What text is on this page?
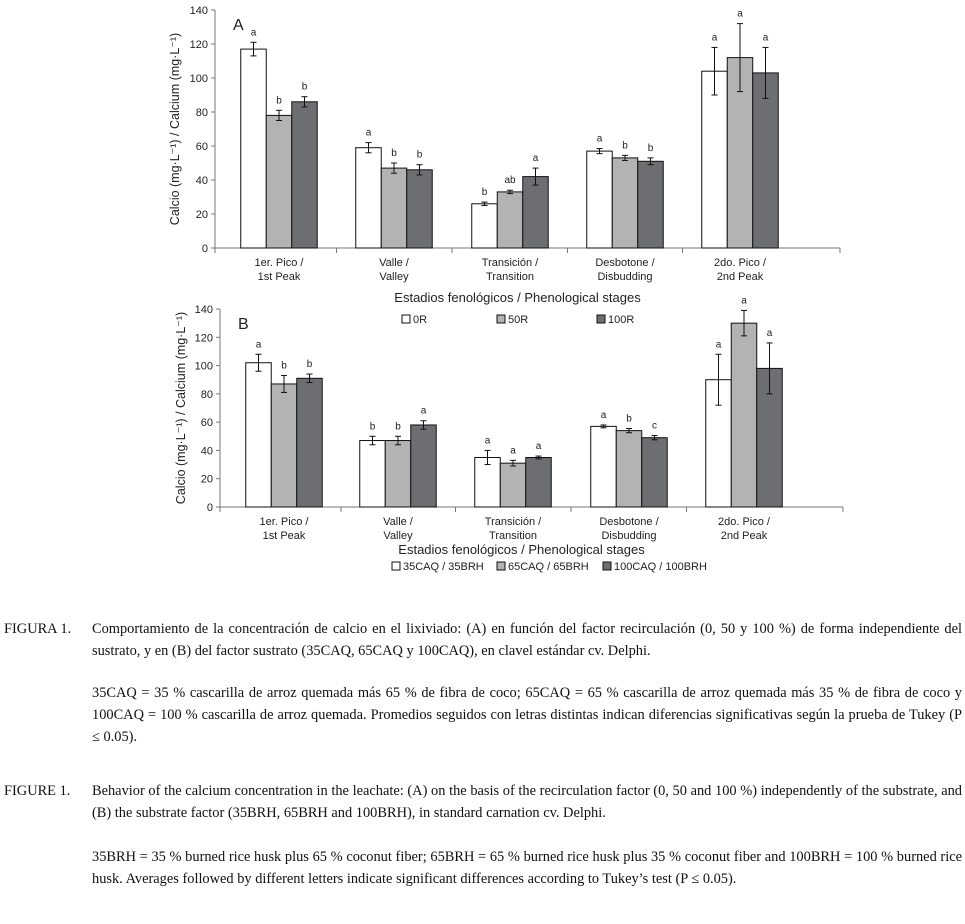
0
20
40
60
80
100
120
140
a
a
b
a
a
b
b
ab
b
a
b
b	a
b
a
1er. Pico /
1st Peak
Valle /
Valley
Transición /
Transition
Desbotone /
Disbudding
2do. Pico /
2nd Peak
Estadios fenológicos / Phenological stages
Calcio (mg·L⁻¹) / Calcium (mg·L⁻¹)
A
0R	50R	100R
0
20
40
60
80
100
120
140
a
b
a
a
a
b
b
a
b
a
b
a
a
c
a
1er. Pico /
1st Peak
Valle /
Valley
Transición /
Transition
Desbotone /
Disbudding
2do. Pico /
2nd Peak
Estadios fenológicos / Phenological stages
Calcio (mg·L⁻¹) / Calcium (mg·L⁻¹)	B
35CAQ / 35BRH 65CAQ / 65BRH 100CAQ / 100BRH
FIGURA 1.	Comportamiento de la concentración de calcio en el lixiviado: (A) en función del factor recirculación (0, 50 y 100 %) de forma independiente del sustrato, y en (B) del factor sustrato (35CAQ, 65CAQ y 100CAQ), en clavel estándar cv. Delphi.
35CAQ = 35 % cascarilla de arroz quemada más 65 % de fibra de coco; 65CAQ = 65 % cascarilla de arroz quemada más 35 % de fibra de coco y 100CAQ = 100 % cascarilla de arroz quemada. Promedios seguidos con letras distintas indican diferencias significativas según la prueba de Tukey (P ≤ 0.05).
FIGURE 1.	Behavior of the calcium concentration in the leachate: (A) on the basis of the recirculation factor (0, 50 and 100 %) independently of the substrate, and (B) the substrate factor (35BRH, 65BRH and 100BRH), in standard carnation cv. Delphi.
35BRH = 35 % burned rice husk plus 65 % coconut fiber; 65BRH = 65 % burned rice husk plus 35 % coconut fiber and 100BRH = 100 % burned rice husk. Averages followed by different letters indicate significant differences according to Tukey’s test (P ≤ 0.05).
